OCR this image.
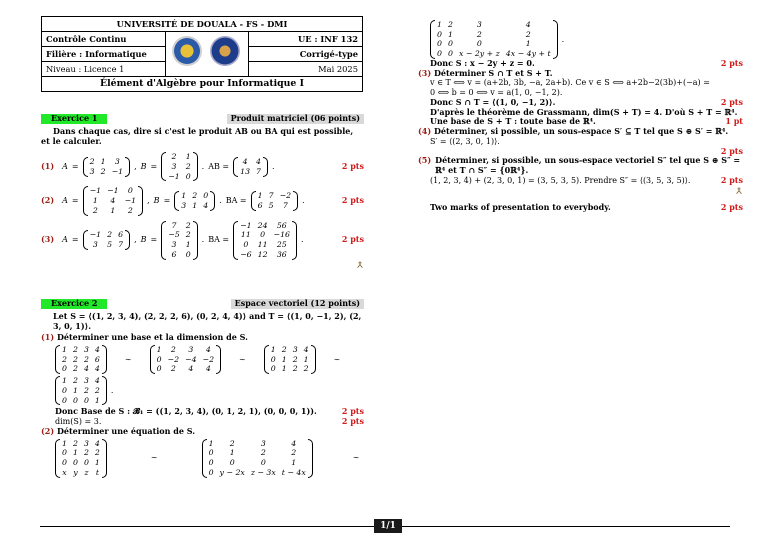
UNIVERSITÉ DE DOUALA - FS - DMI		
Contrôle Continu		UE : INF 132
Filière : Informatique		Corrigé-type
Niveau : Licence 1		Mai 2025
Élément d'Algèbre pour Informatique I		
Exercice 1	Produit matriciel (06 points)
Dans chaque cas, dire si c'est le produit AB ou BA qui est possible, et le calculer.
(1) A =
2	1	3
3	2	−1
, B =
2	1
3	2
−1	0
. AB =
4	4
13	7
.	2 pts
(2) A =
−1	−1	0
1	4	−1
2	1	2
, B =
1	2	0
3	1	4
. BA =
1	7	−2
6	5	7
.	2 pts
(3) A =
−1	2	6
3	5	7
, B =
7	2
−5	2
3	1
6	0
. BA =
−1	24	56
11	0	−16
0	11	25
−6	12	36
.	2 pts
Exercice 2	Espace vectoriel (12 points)
Let S = ⟨(1, 2, 3, 4), (2, 2, 2, 6), (0, 2, 4, 4)⟩ and T = ⟨(1, 0, −1, 2), (2, 3, 0, 1)⟩.
(1) Déterminer une base et la dimension de S.
1	2	3	4
2	2	2	6
0	2	4	4
∼
1	2	3	4
0	−2	−4	−2
0	2	4	4
∼
1	2	3	4
0	1	2	1
0	1	2	2
∼
1	2	3	4
0	1	2	2
0	0	0	1
.
Donc Base de S : 𝓑₁ = ((1, 2, 3, 4), (0, 1, 2, 1), (0, 0, 0, 1)).	2 pts
dim(S) = 3.	2 pts
(2) Déterminer une équation de S.
1	2	3	4
0	1	2	2
0	0	0	1
x	y	z	t
∼
1	2	3	4
0	1	2	2
0	0	0	1
0	y − 2x	z − 3x	t − 4x
∼
1	2	3	4
0	1	2	2
0	0	0	1
0	0	x − 2y + z	4x − 4y + t
.
Donc S : x − 2y + z = 0.	2 pts
(3) Déterminer S ∩ T et S + T.
v ∈ T ⟺ v = (a+2b, 3b, −a, 2a+b). Ce v ∈ S ⟺ a+2b−2(3b)+(−a) =
0 ⟺ b = 0 ⟺ v = a(1, 0, −1, 2).
Donc S ∩ T = ⟨(1, 0, −1, 2)⟩.	2 pts
D'après le théorème de Grassmann, dim(S + T) = 4. D'où S + T = ℝ⁴.
Une base de S + T : toute base de ℝ⁴.	1 pt
(4) Déterminer, si possible, un sous-espace S′ ⊆ T tel que S ⊕ S′ = ℝ⁴.
S′ = ⟨(2, 3, 0, 1)⟩.
2 pts
(5) Déterminer, si possible, un sous-espace vectoriel S″ tel que S ⊕ S″ = ℝ⁴ et T ∩ S″ = {0ℝ⁴}.
(1, 2, 3, 4) + (2, 3, 0, 1) = (3, 5, 3, 5). Prendre S″ = ⟨(3, 5, 3, 5)⟩.	2 pts
Two marks of presentation to everybody.	2 pts
1/1
